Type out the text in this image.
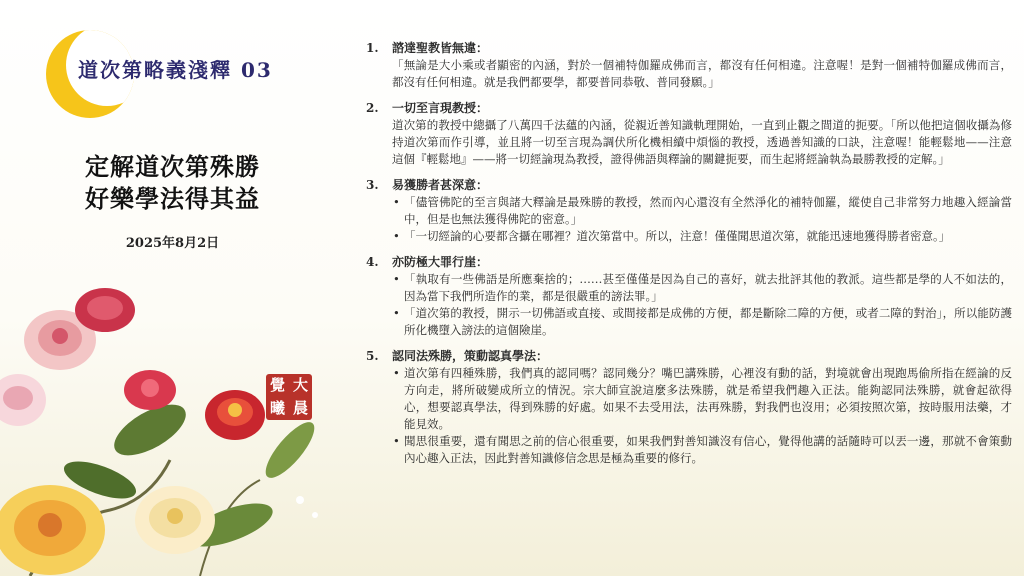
道次第略義淺釋 03
定解道次第殊勝
好樂學法得其益
2025年8月2日
覺 大
曦 晨
1.	諮達聖教皆無違：
「無論是大小乘或者顯密的內涵，對於一個補特伽羅成佛而言，都沒有任何相違。注意喔！是對一個補特伽羅成佛而言，都沒有任何相違。就是我們都要學，都要普同恭敬、普同發願。」
2.	一切至言現教授：
道次第的教授中總攝了八萬四千法蘊的內涵，從親近善知識軌理開始，一直到止觀之間道的扼要。「所以他把這個收攝為修持道次第而作引導，並且將一切至言現為調伏所化機相續中煩惱的教授，透過善知識的口訣，注意喔！能輕鬆地——注意這個『輕鬆地』——將一切經論現為教授，證得佛語與釋論的關鍵扼要，而生起將經論執為最勝教授的定解。」
3.	易獲勝者甚深意：
• 「儘管佛陀的至言與諸大釋論是最殊勝的教授，然而內心還沒有全然淨化的補特伽羅，縱使自己非常努力地趣入經論當中，但是也無法獲得佛陀的密意。」
• 「一切經論的心要都含攝在哪裡？道次第當中。所以，注意！僅僅聞思道次第，就能迅速地獲得勝者密意。」
4.	亦防極大罪行崖：
• 「執取有一些佛語是所應棄捨的；……甚至僅僅是因為自己的喜好，就去批評其他的教派。這些都是學的人不如法的，因為當下我們所造作的業，都是很嚴重的謗法罪。」
• 「道次第的教授，開示一切佛語或直接、或間接都是成佛的方便，都是斷除二障的方便，或者二障的對治」，所以能防護所化機墮入謗法的這個險崖。
5.	認同法殊勝，策動認真學法：
• 道次第有四種殊勝，我們真的認同嗎？認同幾分？嘴巴講殊勝，心裡沒有動的話，對境就會出現跑馬偷所指在經論的反方向走，將所破變成所立的情況。宗大師宣說這麼多法殊勝，就是希望我們趣入正法。能夠認同法殊勝，就會起欲得心，想要認真學法，得到殊勝的好處。如果不去受用法，法再殊勝，對我們也沒用；必須按照次第，按時服用法藥，才能見效。
• 聞思很重要，還有聞思之前的信心很重要，如果我們對善知識沒有信心，覺得他講的話隨時可以丟一邊，那就不會策動內心趣入正法，因此對善知識修信念思是極為重要的修行。
